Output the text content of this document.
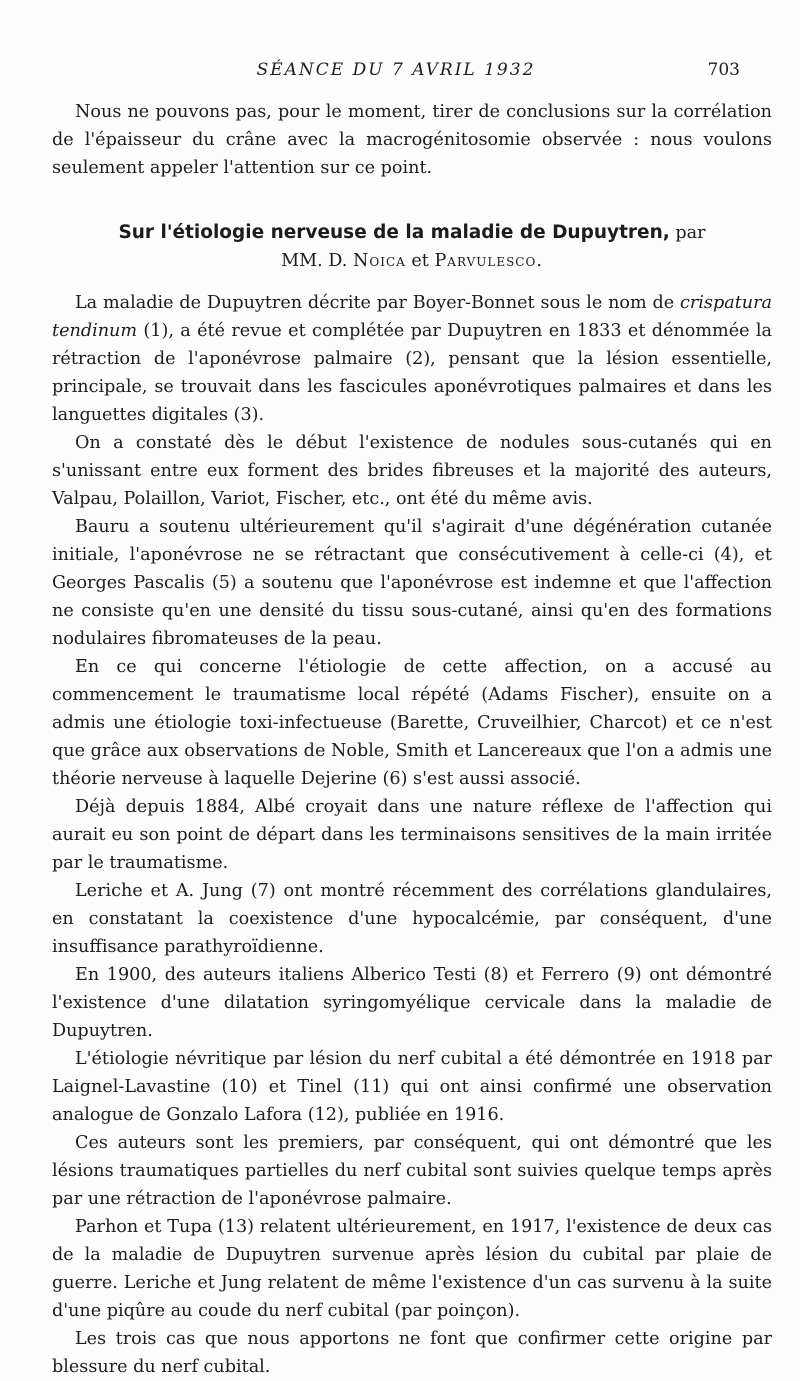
SÉANCE DU 7 AVRIL 1932	703

Nous ne pouvons pas, pour le moment, tirer de conclusions sur la corrélation de l'épaisseur du crâne avec la macrogénitosomie observée : nous voulons seulement appeler l'attention sur ce point.

Sur l'étiologie nerveuse de la maladie de Dupuytren, par
MM. D. Noica et Parvulesco.

La maladie de Dupuytren décrite par Boyer-Bonnet sous le nom de crispatura tendinum (1), a été revue et complétée par Dupuytren en 1833 et dénommée la rétraction de l'aponévrose palmaire (2), pensant que la lésion essentielle, principale, se trouvait dans les fascicules aponévrotiques palmaires et dans les languettes digitales (3).

On a constaté dès le début l'existence de nodules sous-cutanés qui en s'unissant entre eux forment des brides fibreuses et la majorité des auteurs, Valpau, Polaillon, Variot, Fischer, etc., ont été du même avis.

Bauru a soutenu ultérieurement qu'il s'agirait d'une dégénération cutanée initiale, l'aponévrose ne se rétractant que consécutivement à celle-ci (4), et Georges Pascalis (5) a soutenu que l'aponévrose est indemne et que l'affection ne consiste qu'en une densité du tissu sous-cutané, ainsi qu'en des formations nodulaires fibromateuses de la peau.

En ce qui concerne l'étiologie de cette affection, on a accusé au commencement le traumatisme local répété (Adams Fischer), ensuite on a admis une étiologie toxi-infectueuse (Barette, Cruveilhier, Charcot) et ce n'est que grâce aux observations de Noble, Smith et Lancereaux que l'on a admis une théorie nerveuse à laquelle Dejerine (6) s'est aussi associé.

Déjà depuis 1884, Albé croyait dans une nature réflexe de l'affection qui aurait eu son point de départ dans les terminaisons sensitives de la main irritée par le traumatisme.

Leriche et A. Jung (7) ont montré récemment des corrélations glandulaires, en constatant la coexistence d'une hypocalcémie, par conséquent, d'une insuffisance parathyroïdienne.

En 1900, des auteurs italiens Alberico Testi (8) et Ferrero (9) ont démontré l'existence d'une dilatation syringomyélique cervicale dans la maladie de Dupuytren.

L'étiologie névritique par lésion du nerf cubital a été démontrée en 1918 par Laignel-Lavastine (10) et Tinel (11) qui ont ainsi confirmé une observation analogue de Gonzalo Lafora (12), publiée en 1916.

Ces auteurs sont les premiers, par conséquent, qui ont démontré que les lésions traumatiques partielles du nerf cubital sont suivies quelque temps après par une rétraction de l'aponévrose palmaire.

Parhon et Tupa (13) relatent ultérieurement, en 1917, l'existence de deux cas de la maladie de Dupuytren survenue après lésion du cubital par plaie de guerre. Leriche et Jung relatent de même l'existence d'un cas survenu à la suite d'une piqûre au coude du nerf cubital (par poinçon).

Les trois cas que nous apportons ne font que confirmer cette origine par blessure du nerf cubital.
